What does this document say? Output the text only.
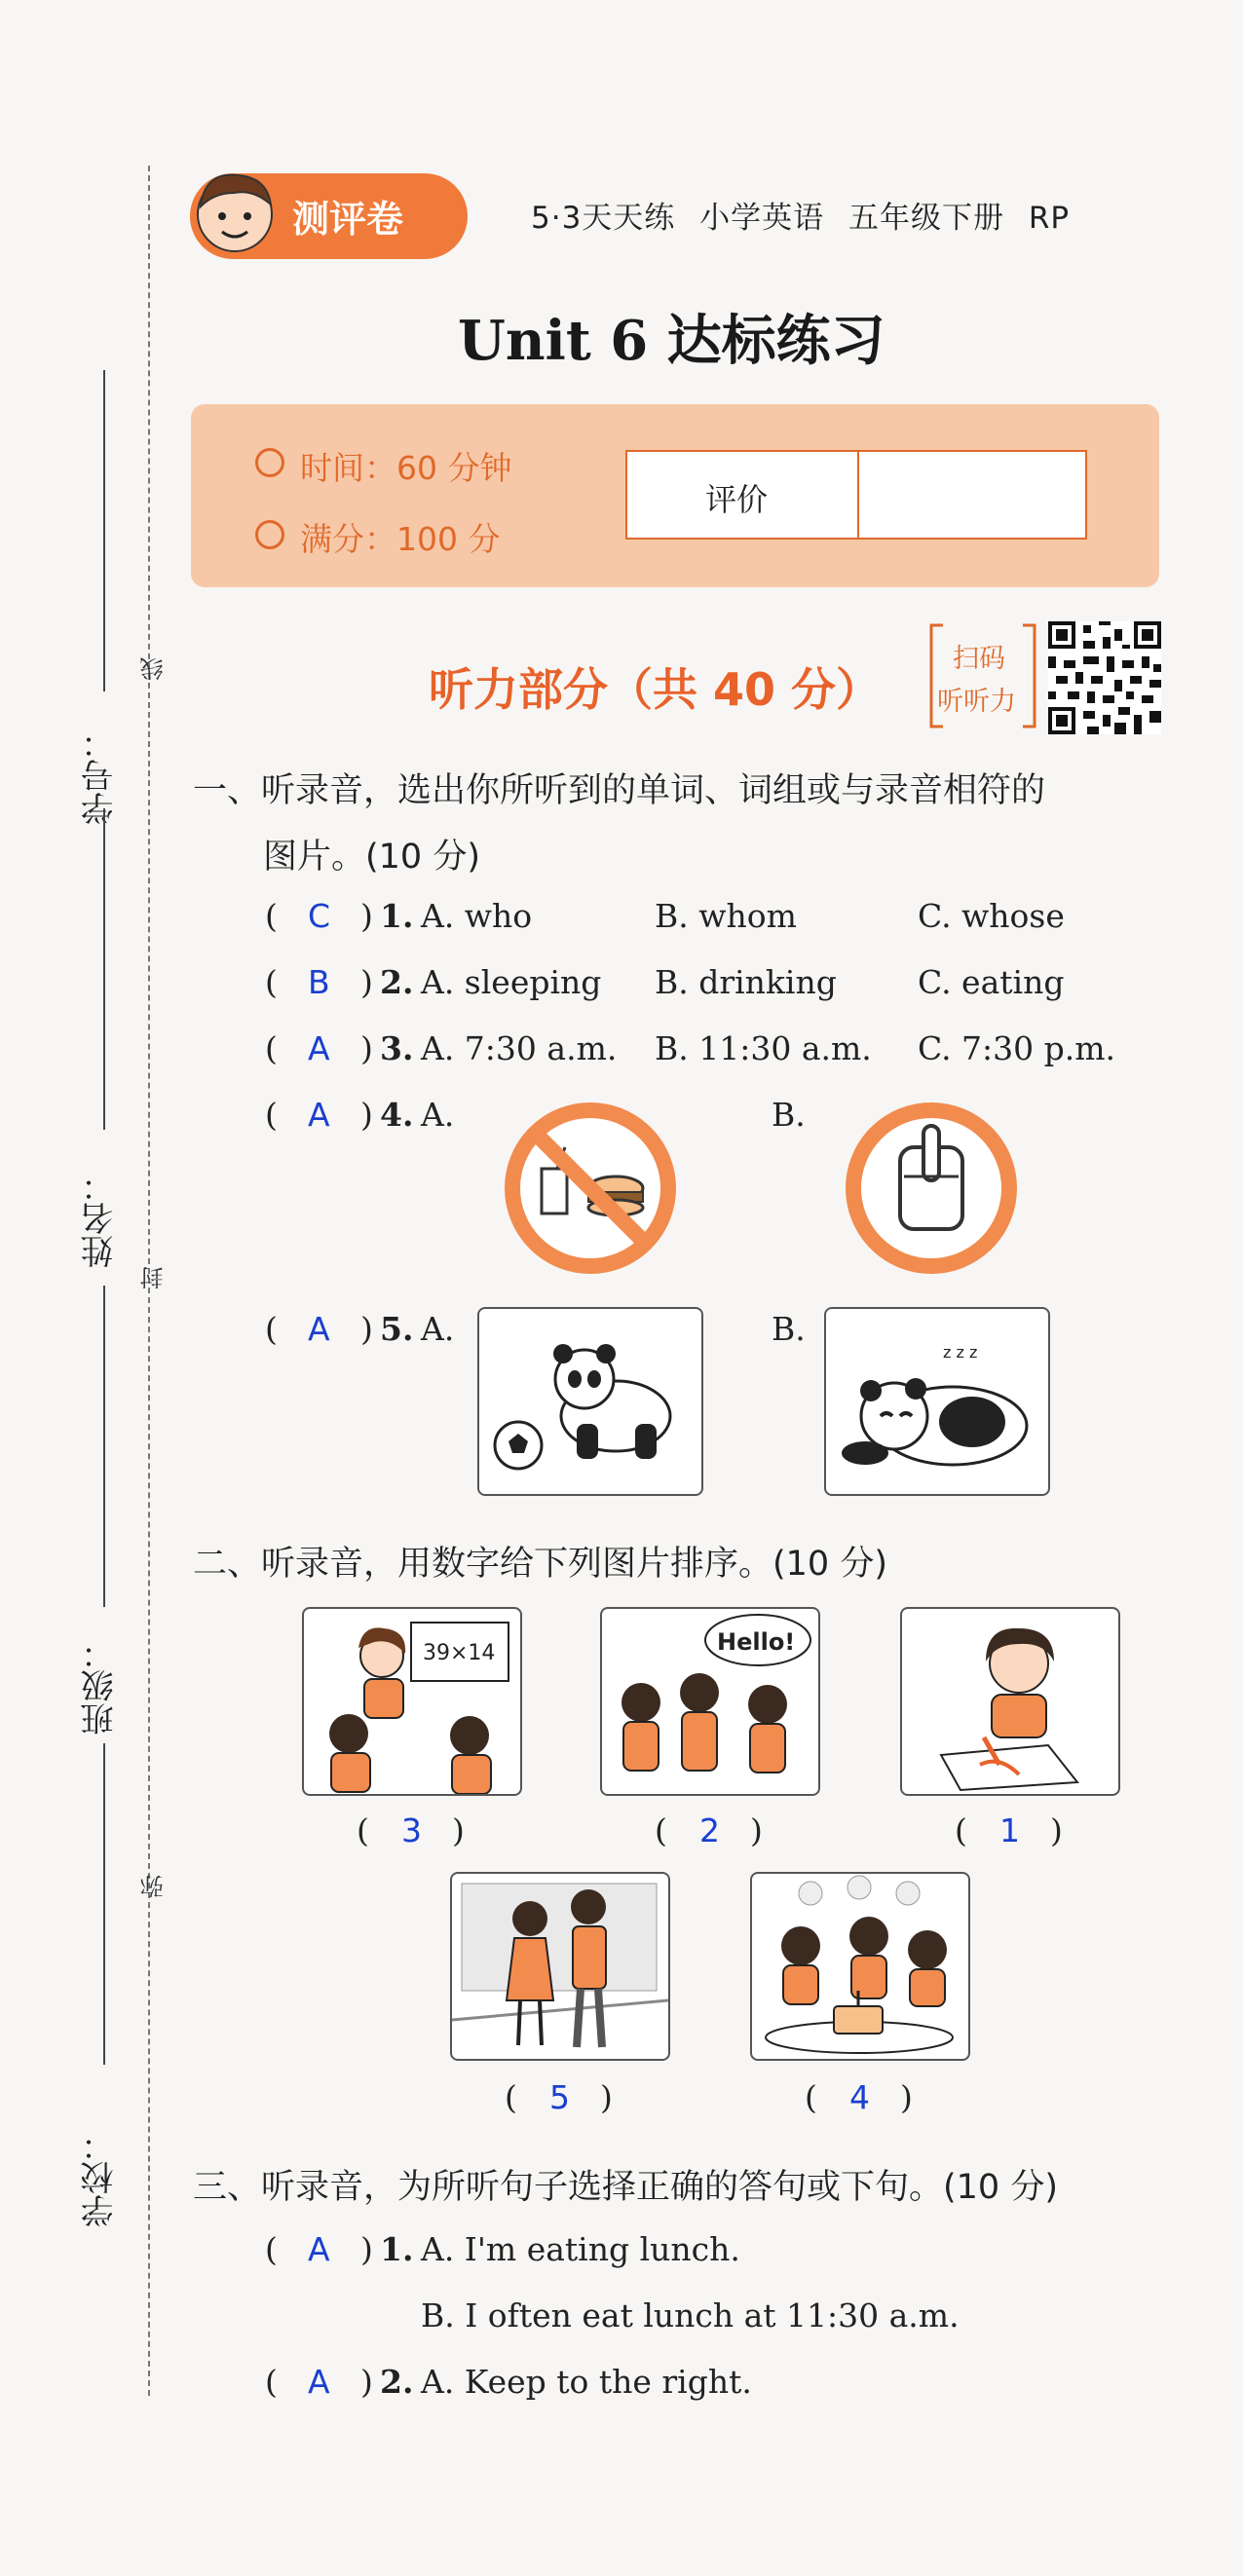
学号：
线
姓名：
封
班级：
弥
学校：
测评卷	5·3天天练 小学英语 五年级下册 RP
Unit 6 达标练习
时间：60 分钟
满分：100 分
评价
听力部分（共 40 分）
扫码
听听力
一、听录音，选出你所听到的单词、词组或与录音相符的
图片。(10 分)
( C ) 1. A. who	B. whom	C. whose
( B ) 2. A. sleeping B. drinking	C. eating
( A ) 3. A. 7:30 a.m. B. 11:30 a.m. C. 7:30 p.m.
( A ) 4. A.	B.
( A ) 5. A.	B.
z z z
二、听录音，用数字给下列图片排序。(10 分)
39×14	Hello!
( 3 )	( 2 )	( 1 )
( 5 )	( 4 )
三、听录音，为所听句子选择正确的答句或下句。(10 分)
( A ) 1. A. I'm eating lunch.
B. I often eat lunch at 11:30 a.m.
( A ) 2. A. Keep to the right.
